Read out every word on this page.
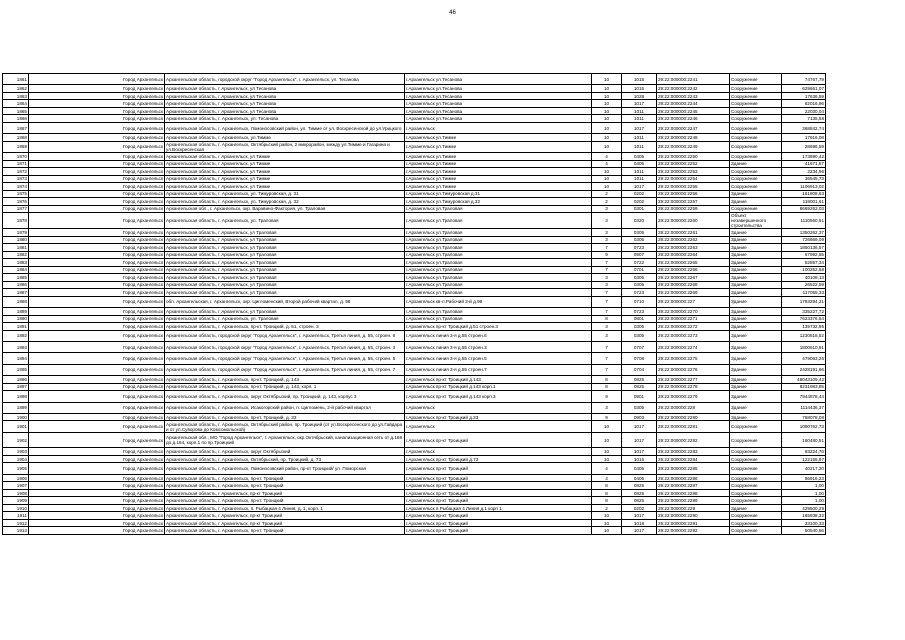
46
1861	Город Архангельск	Архангельская область, городской округ "Город Архангельск", г. Архангельск, ул. Тесанова	г.Архангельск ул.Тесанова	10	1015	29:22:000000:2241	Сооружение	74767,79
1862	Город Архангельск	Архангельская область, г Архангельск, ул Тесанова	г.Архангельск ул.Тесанова	10	1015	29:22:000000:2242	Сооружение	629661,07
1863	Город Архангельск	Архангельская область, г Архангельск, ул Тесанова	г.Архангельск ул.Тесанова	10	1028	29:22:000000:2243	Сооружение	17636,59
1864	Город Архангельск	Архангельская область, г Архангельск, ул Тесанова	г.Архангельск ул.Тесанова	10	1017	29:22:000000:2244	Сооружение	82016,96
1865	Город Архангельск	Архангельская область, г Архангельск, ул Тесанова	г.Архангельск ул.Тесанова	10	1011	29:22:000000:2245	Сооружение	22030,04
1866	Город Архангельск	Архангельская область, г. Архангельск, ул. Тесанова	г.Архангельск ул.Тесанова	10	1011	29:22:000000:2246	Сооружение	7135,58
1867	Город Архангельск	Архангельская область, г. Архангельск, Ломоносовский район, ул. Тимме от ул. Воскресенской до ул.Урицкого	г.Архангельск	10	1017	29:22:000000:2247	Сооружение	368842,74
1868	Город Архангельск	Архангельская область, г. Архангельск, ул.Тимме	г.Архангельск ул.Тимме	10	1011	29:22:000000:2248	Сооружение	17916,08
1869	Город Архангельск	Архангельская область, г. Архангельск, Октябрьский район, 2 микрорайон, между ул.Тимме и Гагарина и ул.Воскресенская	г.Архангельск ул.Тимме	10	1011	29:22:000000:2249	Сооружение	28696,59
1870	Город Архангельск	Архангельская область, г Архангельск, ул Тимме	г.Архангельск ул.Тимме	4	0405	29:22:000000:2250	Сооружение	173890,42
1871	Город Архангельск	Архангельская область, г Архангельск, ул Тимме	г.Архангельск ул.Тимме	4	0405	29:22:000000:2252	Здание	41671,87
1872	Город Архангельск	Архангельская область, г Архангельск, ул Тимме	г.Архангельск ул.Тимме	10	1011	29:22:000000:2253	Сооружение	2234,96
1873	Город Архангельск	Архангельская область, г Архангельск, ул Тимме	г.Архангельск ул.Тимме	10	1011	29:22:000000:2254	Сооружение	36545,73
1874	Город Архангельск	Архангельская область, г Архангельск, ул Тимме	г.Архангельск ул.Тимме	10	1017	29:22:000000:2255	Сооружение	1106913,02
1875	Город Архангельск	Архангельская область, г. Архангельск, ул. Тимуровская, д. 31	г.Архангельск ул.Тимуровская д.31	2	0202	29:22:000000:2256	Здание	161808,63
1876	Город Архангельск	Архангельская область, г. Архангельск, ул. Тимуровская, д. 32	г.Архангельск ул.Тимуровская д.32	2	0202	29:22:000000:2257	Здание	118001,61
1877	Город Архангельск	Архангельская обл., г. Архангельск, окр. Варавино-Фактория, ул. Траловая	г.Архангельск ул.Траловая	3	0301	29:22:000000:2259	Сооружение	8669263,03
1878	Город Архангельск	Архангельская область, г. Архангельск, ул. Траловая	г.Архангельск ул.Траловая	3	0320	29:22:000000:2260	Объект незавершенного строительства	1110560,51
1879	Город Архангельск	Архангельская область, г Архангельск, ул Траловая	г.Архангельск ул.Траловая	3	0305	29:22:000000:2261	Здание	1350262,37
1880	Город Архангельск	Архангельская область, г Архангельск, ул Траловая	г.Архангельск ул.Траловая	3	0305	29:22:000000:2262	Здание	726669,09
1881	Город Архангельск	Архангельская область, г Архангельск, ул Траловая	г.Архангельск ул.Траловая	7	0723	29:22:000000:2263	Здание	1850136,57
1882	Город Архангельск	Архангельская область, г Архангельск, ул Траловая	г.Архангельск ул.Траловая	9	0907	29:22:000000:2264	Здание	67992,55
1883	Город Архангельск	Архангельская область, г Архангельск, ул Траловая	г.Архангельск ул.Траловая	7	0722	29:22:000000:2265	Здание	52857,34
1884	Город Архангельск	Архангельская область, г Архангельск, ул Траловая	г.Архангельск ул.Траловая	7	0701	29:22:000000:2266	Здание	100252,68
1885	Город Архангельск	Архангельская область, г Архангельск, ул Траловая	г.Архангельск ул.Траловая	3	0305	29:22:000000:2267	Здание	40108,13
1886	Город Архангельск	Архангельская область, г Архангельск, ул Траловая	г.Архангельск ул.Траловая	3	0305	29:22:000000:2268	Здание	26522,59
1887	Город Архангельск	Архангельская область, г Архангельск, ул Траловая	г.Архангельск ул.Траловая	7	0723	29:22:000000:2269	Здание	117055,33
1888	Город Архангельск	обл. Архангельская, г. Архангельск, окр. Цигломенский, Второй рабочий квартал, д. 98	г.Архангельск кв-л.Рабочий 2-й д.98	7	0710	29:22:000000:227	Здание	1783294,21
1889	Город Архангельск	Архангельская область, г Архангельск, ул Траловая	г.Архангельск ул.Траловая	7	0723	29:22:000000:2270	Здание	335227,72
1890	Город Архангельск	Архангельская область, г. Архангельск, ул. Траловая	г.Архангельск ул.Траловая	8	0801	29:22:000000:2271	Здание	7623376,54
1891	Город Архангельск	Архангельская область, г. Архангельск, пр-кт. Троицкий, д. 51, строен. 3	г.Архангельск пр-кт Троицкий д.51 строен.3	3	0305	29:22:000000:2272	Здание	139732,95
1892	Город Архангельск	Архангельская область, городской округ "Город Архангельск", г. Архангельск, Третья линия, д. 55, строен. 6	г.Архангельск линия 3-я д.55 строен.6	3	0305	29:22:000000:2273	Здание	1230818,52
1893	Город Архангельск	Архангельская область, городской округ "Город Архангельск", г. Архангельск, Третья линия, д. 55, строен. 3	г.Архангельск линия 3-я д.55 строен.3	7	0707	29:22:000000:2274	Здание	1800610,91
1894	Город Архангельск	Архангельская область, городской округ "Город Архангельск", г. Архангельск, Третья линия, д. 55, строен. 5	г.Архангельск линия 3-я д.55 строен.5	7	0708	29:22:000000:2275	Здание	479063,26
1895	Город Архангельск	Архангельская область, городской округ "Город Архангельск", г. Архангельск, Третья линия, д. 55, строен. 7	г.Архангельск линия 3-я д.55 строен.7	7	0704	29:22:000000:2276	Здание	2428191,66
1896	Город Архангельск	Архангельская область, г. Архангельск, пр-кт. Троицкий, д. 143	г.Архангельск пр-кт Троицкий д.143	8	0825	29:22:000000:2277	Здание	48043109,42
1897	Город Архангельск	Архангельская область, г. Архангельск, пр-кт. Троицкий, д. 143, корп. 1	г.Архангельск пр-кт Троицкий д.143 корп.1	8	0825	29:22:000000:2278	Здание	8231983,85
1898	Город Архангельск	Архангельская область, г. Архангельск, округ Октябрьский, пр. Троицкий, д. 143, корпус 3	г.Архангельск пр-кт Троицкий д.143 корп.3	9	0901	29:22:000000:2279	Здание	7944878,44
1899	Город Архангельск	Архангельская область, г. Архангельск, Исакогорский район, п. Цигломень, 2-й рабочий квартал	г.Архангельск	3	0305	29:22:000000:228	Здание	1114436,37
1900	Город Архангельск	Архангельская область, г. Архангельск, пр-кт. Троицкий, д. 33	г.Архангельск пр-кт Троицкий д.33	9	0903	29:22:000000:2280	Здание	768078,08
1901	Город Архангельск	Архангельская область, г. Архангельск, Октябрьский район, пр. Троицкий (от ул.Воскресенского до ул.Гайдара и от ул.Суворова до Комсомольской)	г.Архангельск	10	1017	29:22:000000:2281	Сооружение	1090762,73
1902	Город Архангельск	Архангельская обл., МО "Город Архангельск", г. Архангельск, окр.Октябрьский, канализационная сеть от д.168 до д.164, корп.1 по пр.Троицкий	г.Архангельск пр-кт Троицкий	10	1017	29:22:000000:2282	Сооружение	160480,51
1903	Город Архангельск	Архангельская область, г. Архангельск, округ Октябрьский	г.Архангельск	10	1017	29:22:000000:2283	Сооружение	93224,76
1904	Город Архангельск	Архангельская область, г. Архангельск, Октябрьский, пр. Троицкий, д. 73	г.Архангельск пр-кт Троицкий д.73	10	1015	29:22:000000:2284	Сооружение	122155,97
1905	Город Архангельск	Архангельская область, г. Архангельск, Ломоносовский район, пр-кт Троицкий/ ул. Поморская	г.Архангельск пр-кт Троицкий	4	0405	29:22:000000:2285	Сооружение	40217,20
1906	Город Архангельск	Архангельская область, г. Архангельск, пр-кт. Троицкий	г.Архангельск пр-кт Троицкий	4	0405	29:22:000000:2286	Сооружение	86916,23
1907	Город Архангельск	Архангельская область, г. Архангельск, пр-кт. Троицкий	г.Архангельск пр-кт Троицкий	8	0825	29:22:000000:2287	Сооружение	1,00
1908	Город Архангельск	Архангельская область, г Архангельск, пр-кт Троицкий	г.Архангельск пр-кт Троицкий	8	0825	29:22:000000:2288	Сооружение	1,00
1909	Город Архангельск	Архангельская область, г. Архангельск, пр-кт. Троицкий	г.Архангельск пр-кт Троицкий	8	0825	29:22:000000:2289	Сооружение	1,00
1910	Город Архангельск	Архангельская область, г. Архангельск, п. Рыбацкая 4 Линия, д. 1, корп. 1	г.Архангельск п.Рыбацкая 4 Линия д.1 корп 1	2	0202	29:22:000000:229	Здание	429500,29
1911	Город Архангельск	Архангельская область, г Архангельск, пр-кт Троицкий	г.Архангельск пр-кт Троицкий	10	1017	29:22:000000:2290	Сооружение	165938,32
1912	Город Архангельск	Архангельская область, г Архангельск, пр-кт Троицкий	г.Архангельск пр-кт Троицкий	10	1018	29:22:000000:2291	Сооружение	33100,33
1913	Город Архангельск	Архангельская область, г. Архангельск, пр-кт. Троицкий	г.Архангельск пр-кт Троицкий	10	1017	29:22:000000:2292	Сооружение	50540,56
